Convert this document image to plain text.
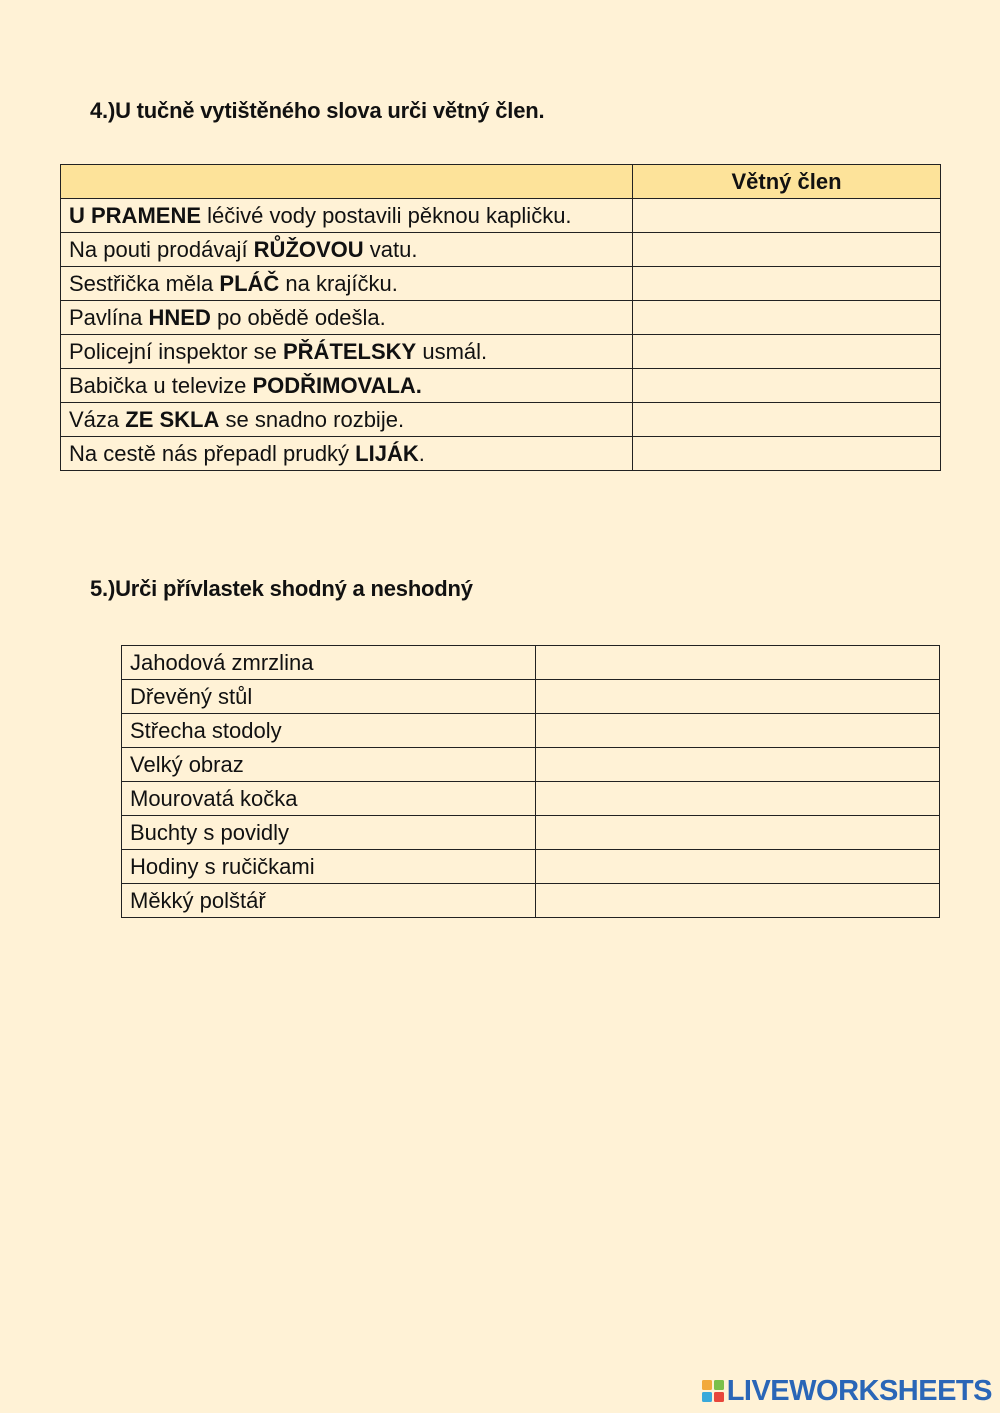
4.)U tučně vytištěného slova urči větný člen.
	Větný člen
U PRAMENE léčivé vody postavili pěknou kapličku.	
Na pouti prodávají RŮŽOVOU vatu.	
Sestřička měla PLÁČ na krajíčku.	
Pavlína HNED po obědě odešla.	
Policejní inspektor se PŘÁTELSKY usmál.	
Babička u televize PODŘIMOVALA.	
Váza ZE SKLA se snadno rozbije.	
Na cestě nás přepadl prudký LIJÁK.	
5.)Urči přívlastek shodný a neshodný
Jahodová zmrzlina	
Dřevěný stůl	
Střecha stodoly	
Velký obraz	
Mourovatá kočka	
Buchty s povidly	
Hodiny s ručičkami	
Měkký polštář	
LIVEWORKSHEETS
